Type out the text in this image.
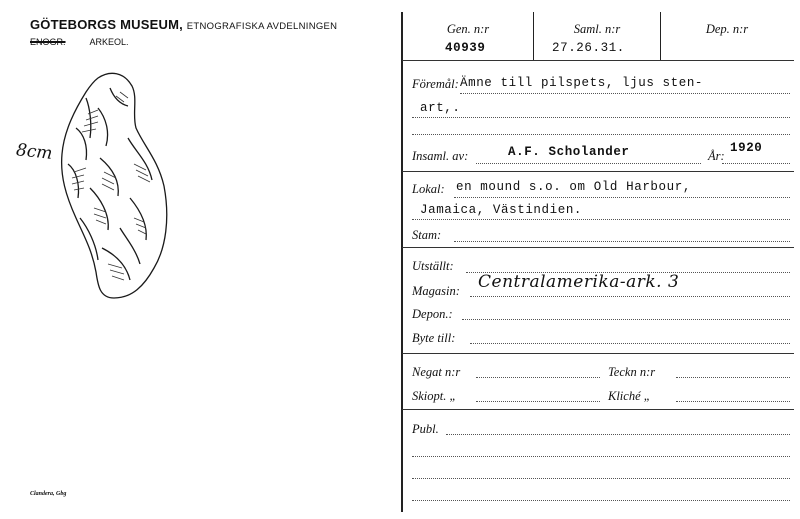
GÖTEBORGS MUSEUM, ETNOGRAFISKA AVDELNINGEN
ENOGR.	ARKEOL.
8cm
Clandera, Gbg
Gen. n:r
40939
Saml. n:r
27.26.31.
Dep. n:r
Föremål: Ämne till pilspets, ljus sten-
art,.
Insaml. av:	A.F. Scholander	År:
1920
Lokal: en mound s.o. om Old Harbour,
Jamaica, Västindien.
Stam:
Utställt:
Magasin: Centralamerika-ark. 3
Depon.:
Byte till:
Negat n:r	Teckn n:r
Skiopt. „	Kliché „
Publ.
